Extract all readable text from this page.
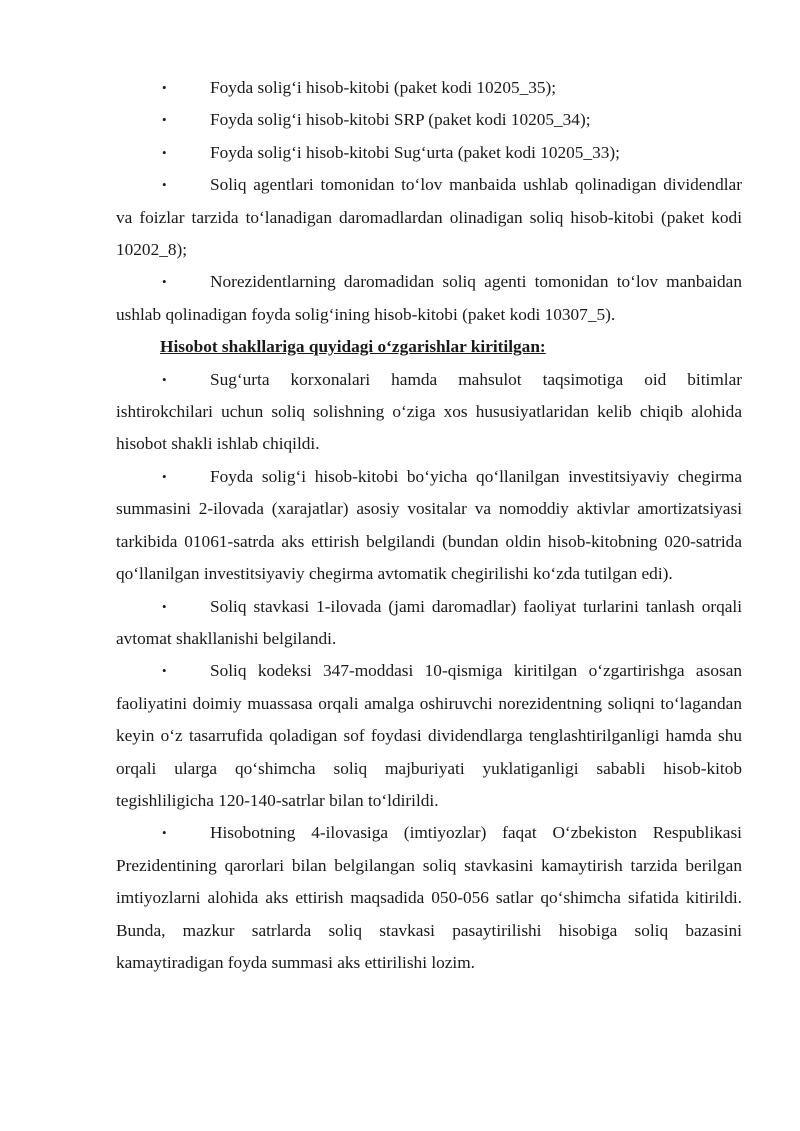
•	Foyda solig‘i hisob-kitobi (paket kodi 10205_35);

•	Foyda solig‘i hisob-kitobi SRP (paket kodi 10205_34);

•	Foyda solig‘i hisob-kitobi Sug‘urta (paket kodi 10205_33);

•	Soliq agentlari tomonidan to‘lov manbaida ushlab qolinadigan dividendlar va foizlar tarzida to‘lanadigan daromadlardan olinadigan soliq hisob-kitobi (paket kodi 10202_8);

•	Norezidentlarning daromadidan soliq agenti tomonidan to‘lov manbaidan ushlab qolinadigan foyda solig‘ining hisob-kitobi (paket kodi 10307_5).

Hisobot shakllariga quyidagi o‘zgarishlar kiritilgan:

•	Sug‘urta korxonalari hamda mahsulot taqsimotiga oid bitimlar ishtirokchilari uchun soliq solishning o‘ziga xos hususiyatlaridan kelib chiqib alohida hisobot shakli ishlab chiqildi.

•	Foyda solig‘i hisob-kitobi bo‘yicha qo‘llanilgan investitsiyaviy chegirma summasini 2-ilovada (xarajatlar) asosiy vositalar va nomoddiy aktivlar amortizatsiyasi tarkibida 01061-satrda aks ettirish belgilandi (bundan oldin hisob-kitobning 020-satrida qo‘llanilgan investitsiyaviy chegirma avtomatik chegirilishi ko‘zda tutilgan edi).

•	Soliq stavkasi 1-ilovada (jami daromadlar) faoliyat turlarini tanlash orqali avtomat shakllanishi belgilandi.

•	Soliq kodeksi 347-moddasi 10-qismiga kiritilgan o‘zgartirishga asosan faoliyatini doimiy muassasa orqali amalga oshiruvchi norezidentning soliqni to‘lagandan keyin o‘z tasarrufida qoladigan sof foydasi dividendlarga tenglashtirilganligi hamda shu orqali ularga qo‘shimcha soliq majburiyati yuklatiganligi sababli hisob-kitob tegishliligicha 120-140-satrlar bilan to‘ldirildi.

•	Hisobotning 4-ilovasiga (imtiyozlar) faqat O‘zbekiston Respublikasi Prezidentining qarorlari bilan belgilangan soliq stavkasini kamaytirish tarzida berilgan imtiyozlarni alohida aks ettirish maqsadida 050-056 satlar qo‘shimcha sifatida kitirildi. Bunda, mazkur satrlarda soliq stavkasi pasaytirilishi hisobiga soliq bazasini kamaytiradigan foyda summasi aks ettirilishi lozim.
